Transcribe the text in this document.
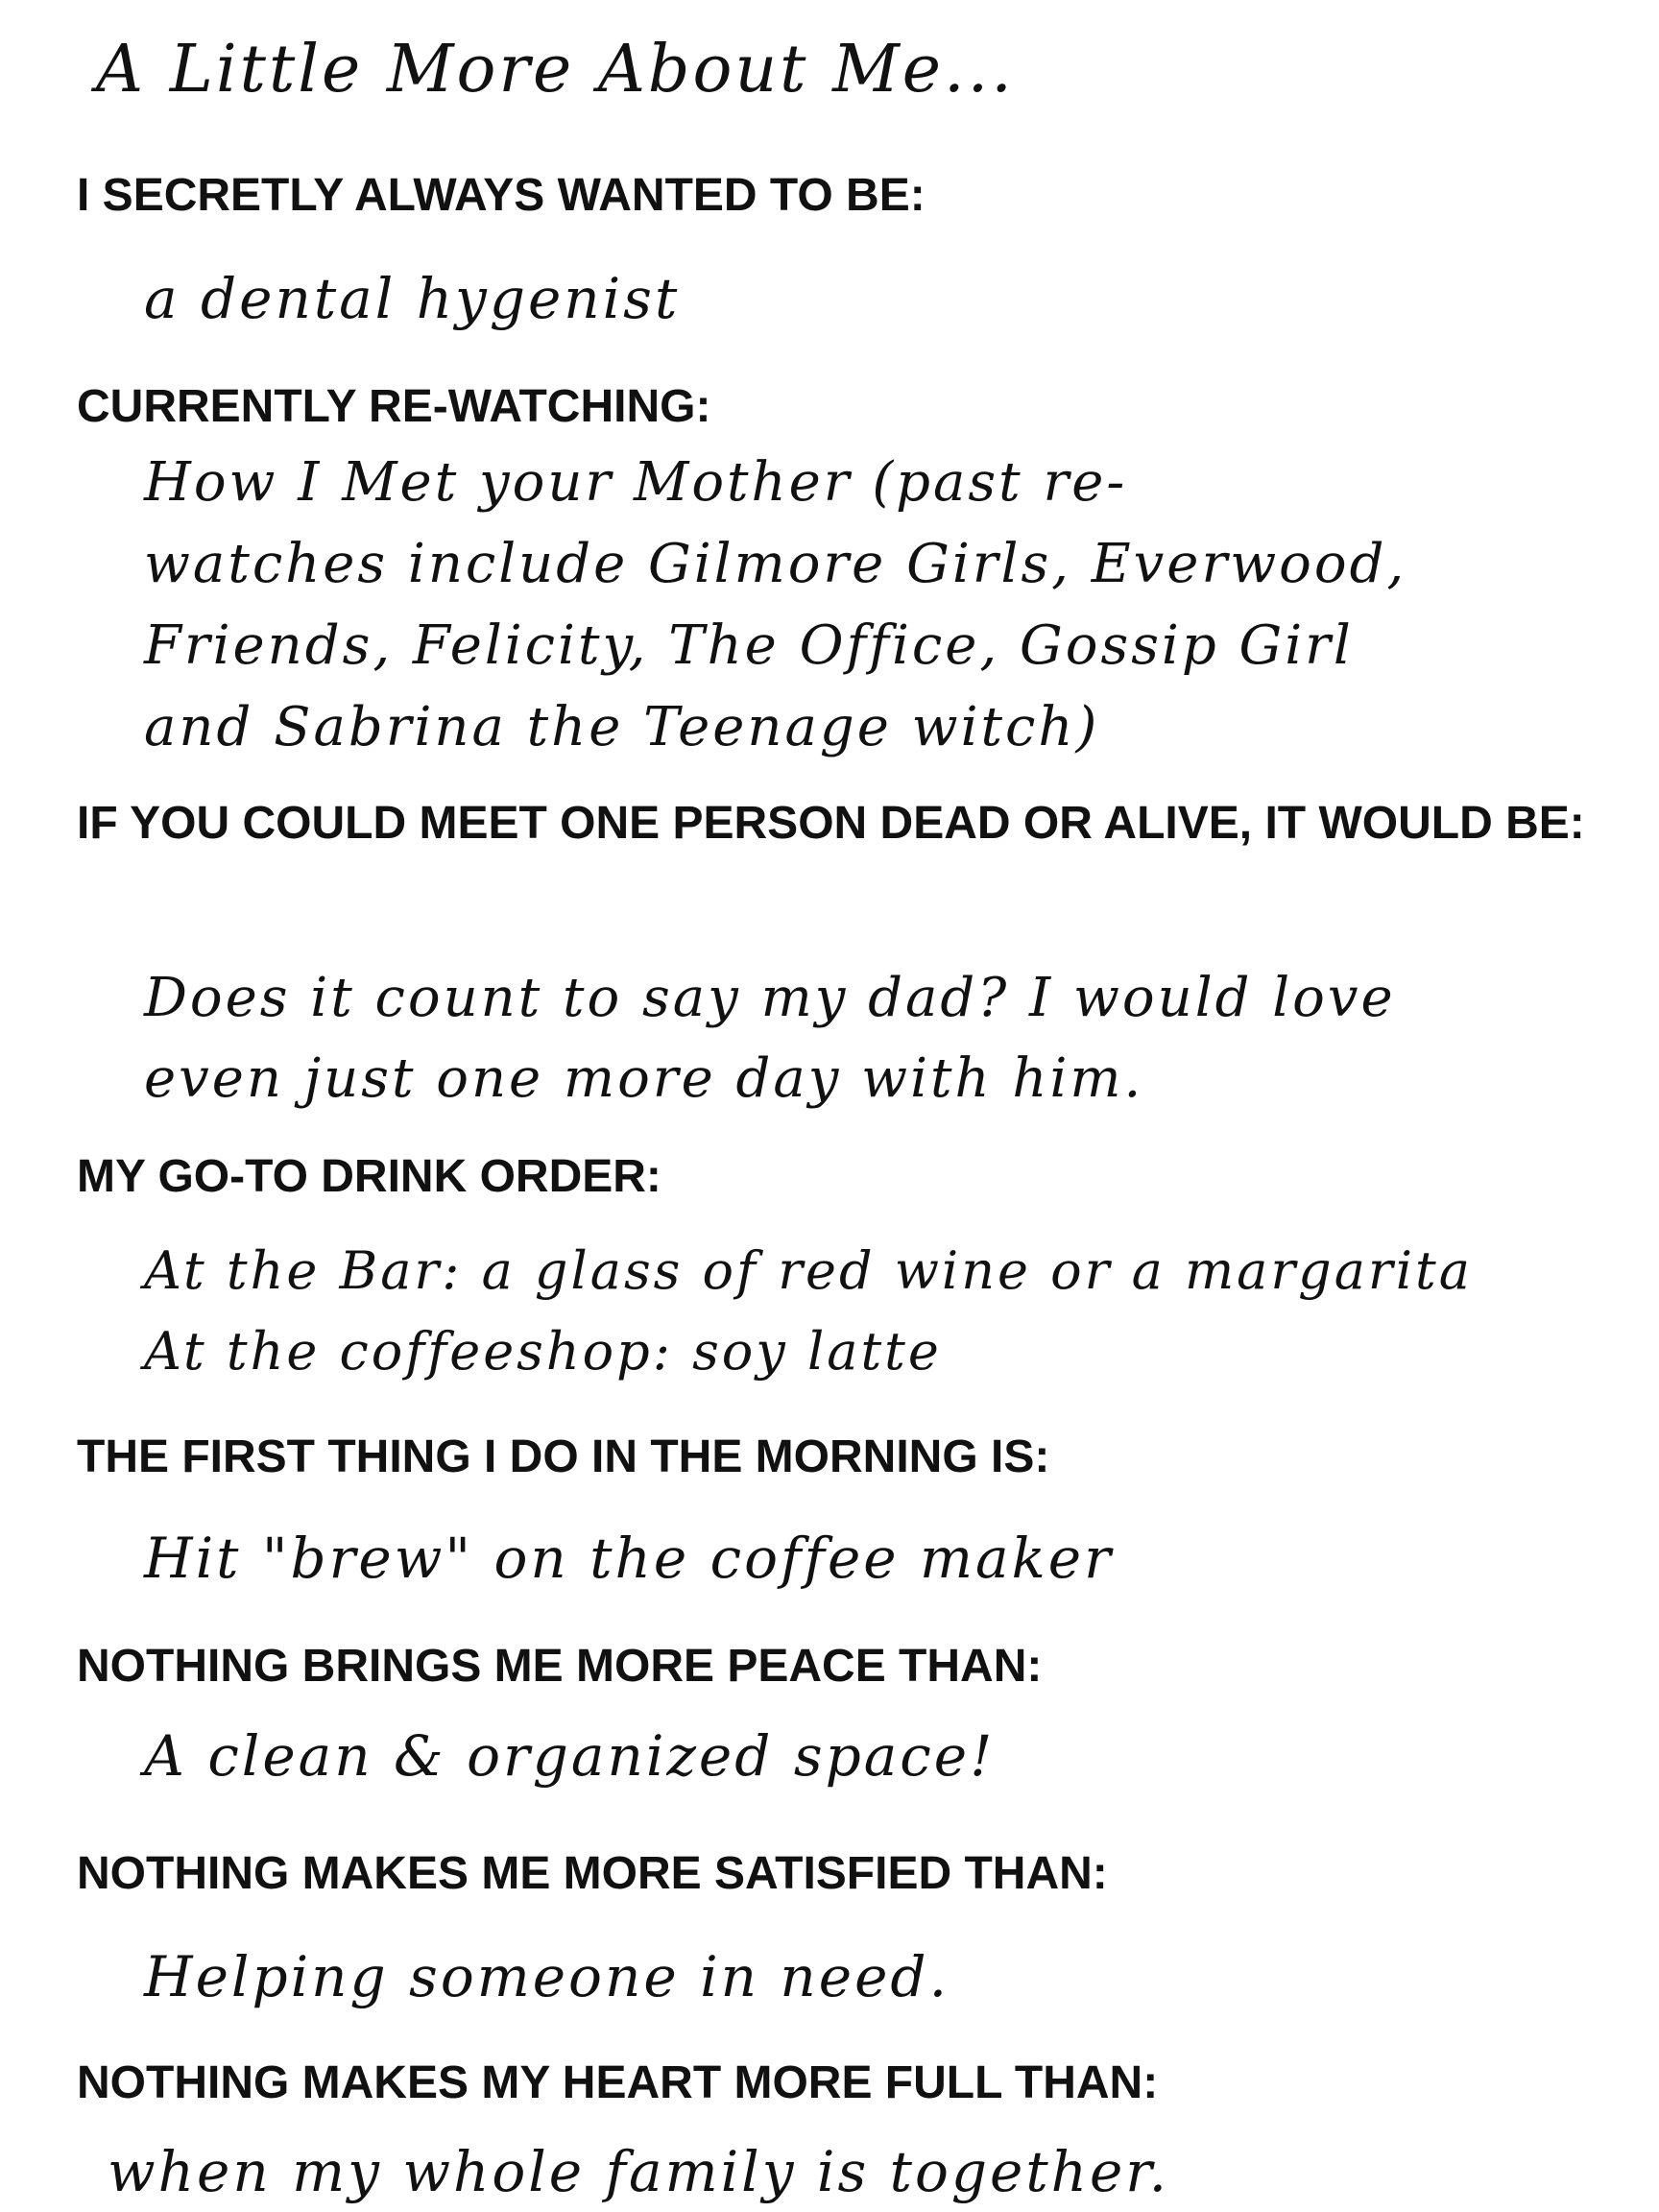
A Little More About Me...
I SECRETLY ALWAYS WANTED TO BE:
a dental hygenist
CURRENTLY RE-WATCHING:
How I Met your Mother (past re-
watches include Gilmore Girls, Everwood,
Friends, Felicity, The Office, Gossip Girl
and Sabrina the Teenage witch)
IF YOU COULD MEET ONE PERSON DEAD OR ALIVE, IT WOULD BE:
Does it count to say my dad? I would love
even just one more day with him.
MY GO-TO DRINK ORDER:
At the Bar: a glass of red wine or a margarita
At the coffeeshop: soy latte
THE FIRST THING I DO IN THE MORNING IS:
Hit "brew" on the coffee maker
NOTHING BRINGS ME MORE PEACE THAN:
A clean & organized space!
NOTHING MAKES ME MORE SATISFIED THAN:
Helping someone in need.
NOTHING MAKES MY HEART MORE FULL THAN:
when my whole family is together.
